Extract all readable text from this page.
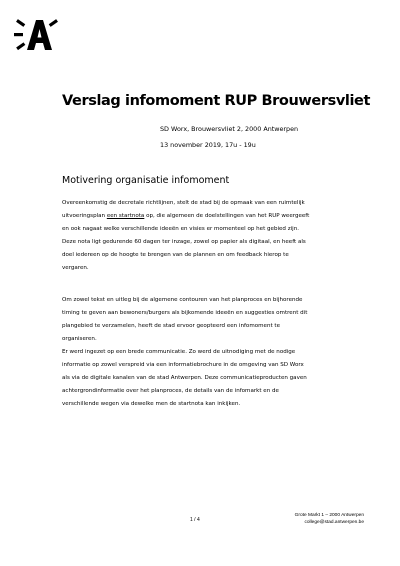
Verslag infomoment RUP Brouwersvliet
SD Worx, Brouwersvliet 2, 2000 Antwerpen
13 november 2019, 17u - 19u
Motivering organisatie infomoment
Overeenkomstig de decretale richtlijnen, stelt de stad bij de opmaak van een ruimtelijk
uitvoeringsplan een startnota op, die algemeen de doelstellingen van het RUP weergeeft
en ook nagaat welke verschillende ideeën en visies er momenteel op het gebied zijn.
Deze nota ligt gedurende 60 dagen ter inzage, zowel op papier als digitaal, en heeft als
doel iedereen op de hoogte te brengen van de plannen en om feedback hierop te
vergaren.
Om zowel tekst en uitleg bij de algemene contouren van het planproces en bijhorende
timing te geven aan bewoners/burgers als bijkomende ideeën en suggesties omtrent dit
plangebied te verzamelen, heeft de stad ervoor geopteerd een infomoment te
organiseren.
Er werd ingezet op een brede communicatie. Zo werd de uitnodiging met de nodige
informatie op zowel verspreid via een informatiebrochure in de omgeving van SD Worx
als via de digitale kanalen van de stad Antwerpen. Deze communicatieproducten gaven
achtergrondinformatie over het planproces, de details van de infomarkt en de
verschillende wegen via dewelke men de startnota kan inkijken.
1 / 4
Grote Markt 1 – 2000 Antwerpen
college@stad.antwerpen.be
